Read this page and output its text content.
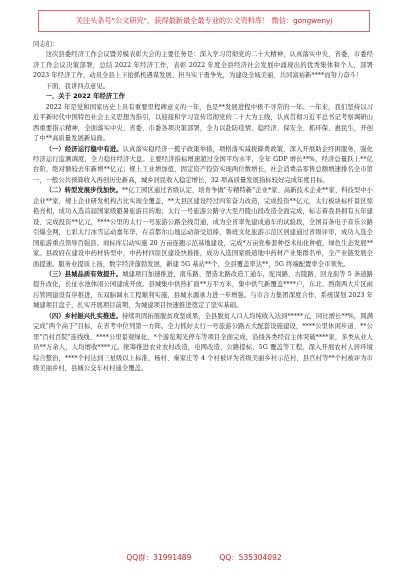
关注头条号"公文研究"，获得最新最全最专业的公文资料库！ 微信：gongwenyj

同志们：

这次县委经济工作会议暨劳模表彰大会的主要任务是：深入学习贯彻党的二十大精神，认真落实中央、省委、市委经济工作会议决策部署，总结 2022 年经济工作，表彰 2022 年度全县经济社会发展中涌现出的优秀集体和个人，部署 2023 年经济工作，动员全县上下抢抓机遇谋发展、担当实干勇争先，为建设全域美丽、共同富裕新****而努力奋斗！

下面，我讲四点意见。

一、关于 2022 年经济工作

2022 年是党和国家历史上具有重要里程碑意义的一年，也是**发展进程中极不寻常的一年。一年来，我们坚持以习近平新时代中国特色社会主义思想为指引，以迎接和学习宣传贯彻党的二十大为主线，认真贯彻习近平总书记考察调研山西重要指示精神，全面落实中央、省委、市委各项决策部署，全力以赴防疫情、稳经济、保安全、抓环保、惠民生，开创了中**高质量发展新局面。

（一）经济运行稳中有进。认真落实稳经济一揽子政策举措，项格落实减税降费政策，深入开展助企纾困服务，强化经济运行监测调度，全力稳住经济大盘。主要经济指标增速超过全国平均水平，全年 GDP 增长**%，经济总量跃上**亿台阶，绝对额较去年新增**亿元；规上工业增加值、固定资产投资实现两位数增长，社会消费品零售总额增速排名全市第一，一般公共预算收入再创历史新高，城乡居民收入稳定增长，32 项高质量发展指标较好完成年度目标。

（二）转型发展步伐加快。**亿工园区通过省级认定，培育争做"专精特新"企业*家、高新技术企业**家、科技型中小企业**家，规上企业研发机构占比实现全覆盖，**大县区建设经过四年奋力改造，完成投资**亿元，太行板块标杆景区惊艳亮相，成功入选首届国家级避暑旅游目的地；太行一号旅游公路守大至丹陵山段改造全面完成，标志着我县拥有五年建设、完成投资**亿元，****公里的太行一号旅游公路全线贯通，成为全省率先建成通车的试验段，全国首条电子音乐公路引爆全网，七彩太行冰雪运动嘉年华，在首都尔山地运动备受追捧，鲁班文化旅游示范区创建通过省级评审，成功入选全国旅游重点领导百强县。商标库启动实施 20 万亩连翘示范基地建设，完成*万亩党参套种苍术仙化种植，绿色生态发展**家。县政府在建设中药材转型中，中药材四原区建设快推推，成功入选国家级道地中药材产业集群名单，全产业链发展全面提速。服务业提质上扬，数字经济蓬勃发展，新建 5G 基站**个，全县覆盖率达**，5G 终端配置率全市领先。

（三）县城品质有效提升。城建项目加速推进，南乐路、塑造北路改造工通车，驼岗路、古陵路、回龙街等 5 条道路提升改化，长征水池体闲公园建成开放。县城集中供热扩面**万平方米，集中供气新覆盖****户，东北、西南两大片区雨污管网建设有序推进，东双脑调水工程顺利实施，县城水源承力进一步增强。与市合力集团深度合作，系统谋划 2023 年城建项目盘子，扎实开展项目前期，为城建项目快速推进奠定了坚实基础。

（四）乡村振兴扎实推进。持续巩固拓展脱贫攻坚成果，全县脱贫人口人均纯收入达到*****元，同比增长**%，圆满完成"两个高于"目标，在省考中位列第一方阵。全力抓好太行一号旅游公路五大配套设施建设，****公里休闲步道、**公里"百村百院"连线线、****公里景观绿化，*个游览观光停车等项目全面完成，沿线各类经营主体突破****家，多类从业人员**万余人，人均增收****元。统筹推进农业农村改造，电网改造、公路提标、5G 覆盖等工程，深入开展农村人居环境综合整治，****个村达到三星级以上标准，杨村、秦家庄等 4 个村被评为省级美丽乡村示范村，县宫村等**个村被评为市级美丽乡村，县城公交车村村通全覆盖。

QQ群：31991489	QQ：535304092
